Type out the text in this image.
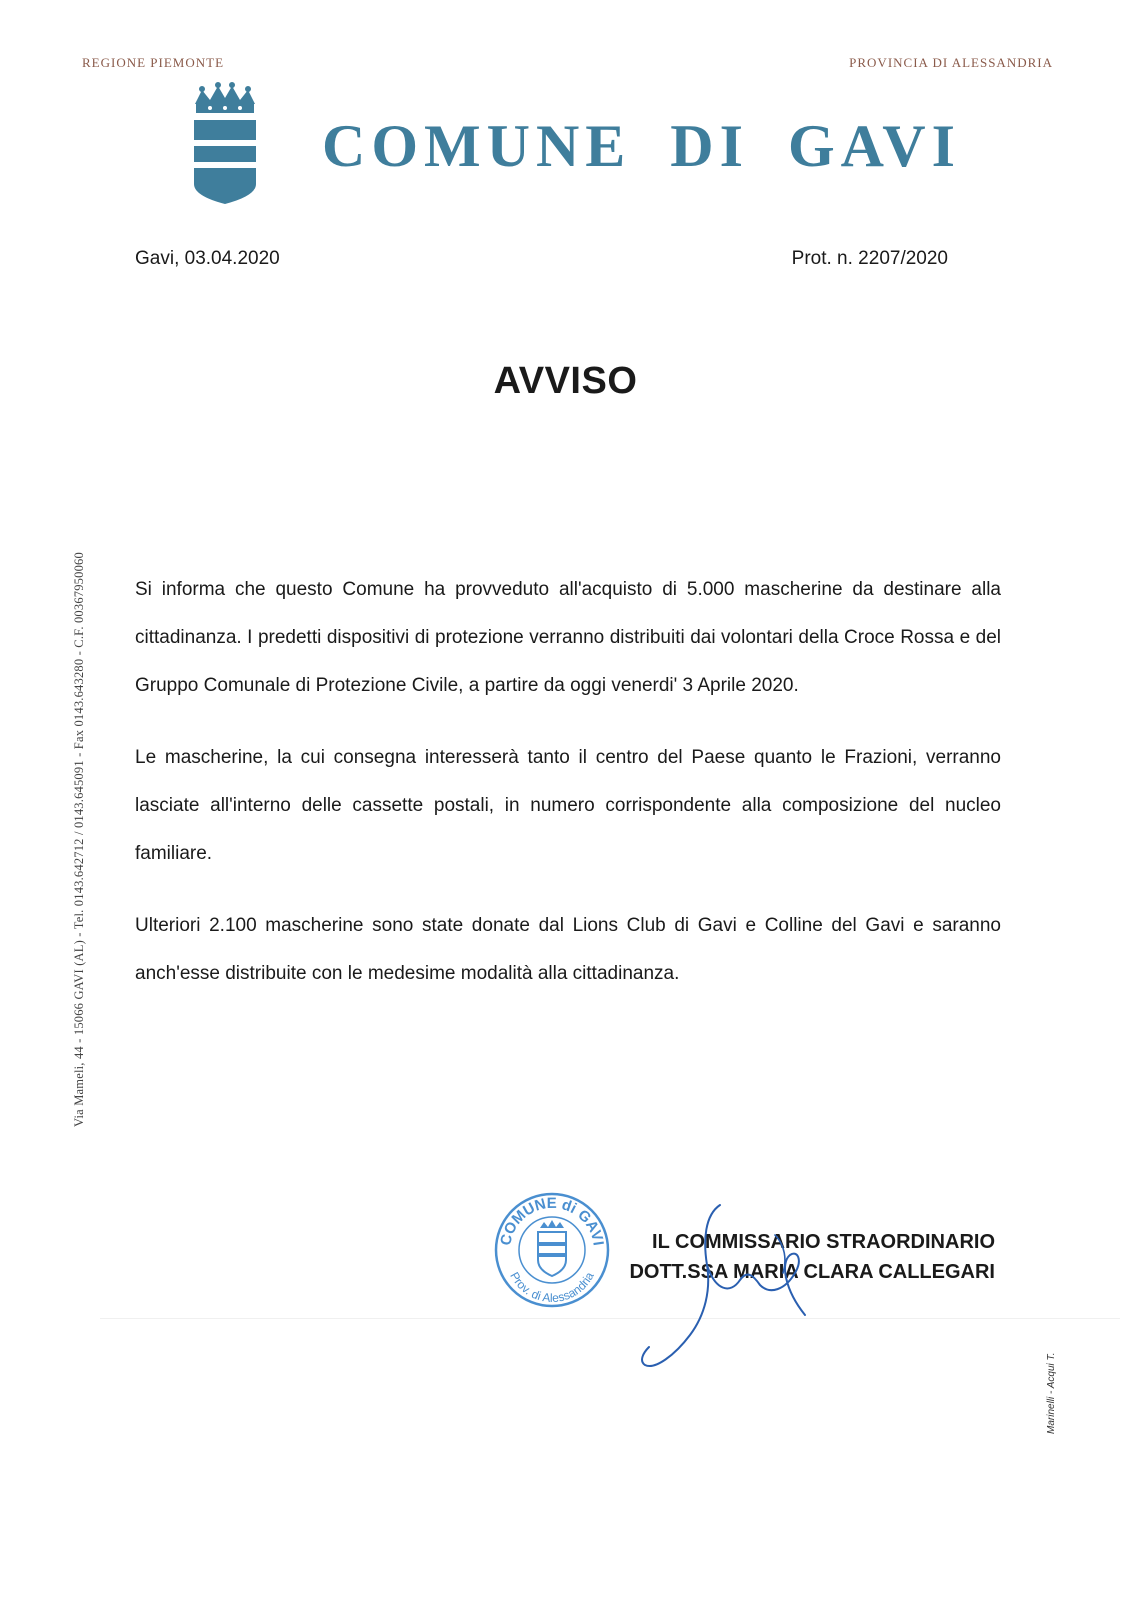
REGIONE PIEMONTE	PROVINCIA DI ALESSANDRIA
COMUNE DI GAVI
Gavi, 03.04.2020	Prot. n. 2207/2020
AVVISO
Via Mameli, 44 - 15066 GAVI (AL) - Tel. 0143.642712 / 0143.645091 - Fax 0143.643280 - C.F. 00367950060	Si informa che questo Comune ha provveduto all'acquisto di 5.000 mascherine da destinare alla cittadinanza. I predetti dispositivi di protezione verranno distribuiti dai volontari della Croce Rossa e del Gruppo Comunale di Protezione Civile, a partire da oggi venerdi' 3 Aprile 2020.

Le mascherine, la cui consegna interesserà tanto il centro del Paese quanto le Frazioni, verranno lasciate all'interno delle cassette postali, in numero corrispondente alla composizione del nucleo familiare.

Ulteriori 2.100 mascherine sono state donate dal Lions Club di Gavi e Colline del Gavi e saranno anch'esse distribuite con le medesime modalità alla cittadinanza.

COMUNE di GAVI
Prov. di Alessandria
IL COMMISSARIO STRAORDINARIO
DOTT.SSA MARIA CLARA CALLEGARI
Marinelli - Acqui T.
